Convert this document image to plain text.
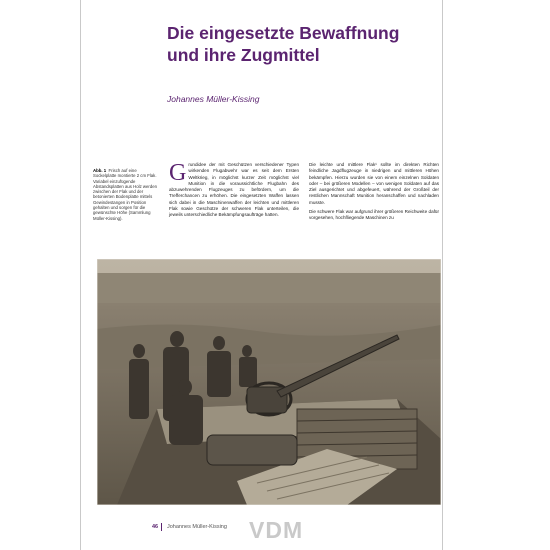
Die eingesetzte Bewaffnung
und ihre Zugmittel
Johannes Müller-Kissing
Abb. 1 Frisch auf eine Sockelplatte montierte 2 cm Flak. Variabel einzufügende Abstandsplatten aus Holz werden zwischen der Flak und der betonierten Bodenplatte mittels Gewindestangen in Position gehalten und sorgen für die gewünschte Höhe (Sammlung Müller-Kissing).
G rundidee der mit Geschützen verschiedener Typen wirkenden Flugabwehr war es seit dem Ersten Weltkrieg, in möglichst kurzer Zeit möglichst viel Munition in die voraussichtliche Flugbahn des abzuwehrenden Flugzeuges zu befördern, um die Trefferchancen zu erhöhen. Die eingesetzten Waffen lassen sich dabei in die Maschinenwaffen der leichten und mittleren Flak sowie Geschütze der schweren Flak unterteilen, die jeweils unterschiedliche Bekämpfungsaufträge hatten.

Die leichte und mittlere Flak¹ sollte im direkten Richten feindliche Jagdflugzeuge in niedrigen und mittleren Höhen bekämpfen. Hierzu wurden sie von einem einzelnen Soldaten oder – bei größeren Modellen – von wenigen Soldaten auf das Ziel ausgerichtet und abgefeuert, während der Großteil der restlichen Mannschaft Munition heranschaffen und nachladen musste.

Die schwere Flak war aufgrund ihrer größeren Reichweite dafür vorgesehen, hochfliegende Maschinen zu

46 Johannes Müller-Kissing VDM
